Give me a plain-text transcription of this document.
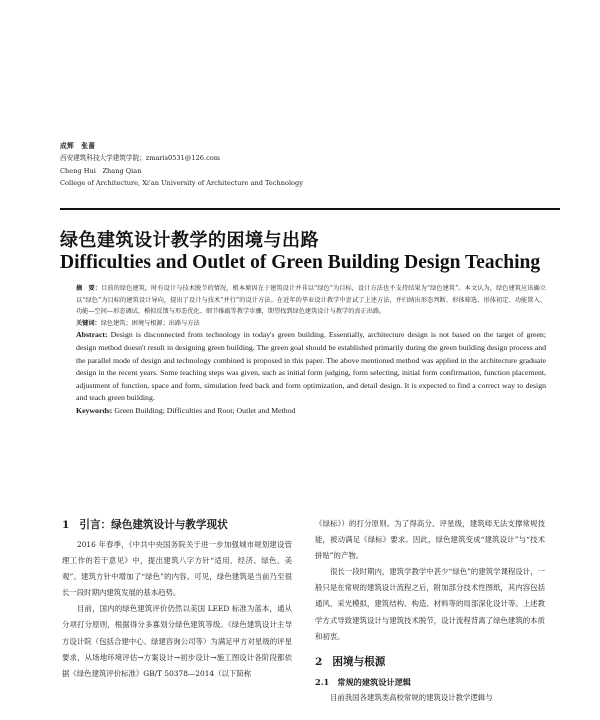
成辉　张蔷
西安建筑科技大学建筑学院；zmaris0531@126.com
Cheng Hui　Zhang Qian
College of Architecture, Xi'an University of Architecture and Technology
绿色建筑设计教学的困境与出路
Difficulties and Outlet of Green Building Design Teaching

摘　要：目前的绿色建筑，时有设计与技术脱节的情况，根本原因在于建筑设计并非以“绿色”为目标，设计方法也不支持结果为“绿色建筑”。本文认为，绿色建筑应该确立以“绿色”为目标的建筑设计导向，提出了设计与技术“并行”的设计方法。在近年的毕业设计教学中尝试了上述方法，并归纳出形态判断、形体筛选、形体初定、功能置入、功能—空间—形态调试、模拟反馈与形态优化、细节推敲等教学步骤，期望找到绿色建筑设计与教学的真正出路。

关键词：绿色建筑；困境与根源；出路与方法

Abstract: Design is disconnected from technology in today's green building. Essentially, architecture design is not based on the target of green; design method doesn't result in designing green building. The green goal should be established primarily during the green building design process and the parallel mode of design and technology combined is proposed in this paper. The above mentioned method was applied in the architecture graduate design in the recent years. Some teaching steps was given, such as initial form judging, form selecting, initial form confirmation, function placement, adjustment of function, space and form, simulation feed back and form optimization, and detail design. It is expected to find a correct way to design and teach green building.

Keywords: Green Building; Difficulties and Root; Outlet and Method

1 引言：绿色建筑设计与教学现状

2016 年春季，《中共中央国务院关于进一步加强城市规划建设管理工作的若干意见》中，提出建筑八字方针“适用、经济、绿色、美观”。建筑方针中增加了“绿色”的内容。可见，绿色建筑是当前乃至很长一段时期内建筑发展的基本趋势。

目前，国内的绿色建筑评价仍然以美国 LEED 标准为蓝本，通从分项打分原则，根据得分多寡划分绿色建筑等级。《绿色建筑设计主导方设计院（包括合建中心、绿建咨询公司等）为满足甲方对星级的评星要求，从场地环境评估→方案设计→初步设计→施工图设计各阶段都依据《绿色建筑评价标准》GB/T 50378—2014（以下简称

《绿标》）的打分原则。为了得高分、评星级，建筑师无法支撑常规技能，被动满足《绿标》要求。因此，绿色建筑变成“建筑设计”与“技术拼贴”的产物。

很长一段时期内，建筑学教学中甚少“绿色”的建筑学课程设计，一般只是在常规的建筑设计流程之后，附加部分技术性图纸，其内容包括通风、采光模拟，建筑结构、构造、材料等的局部深化设计等。上述教学方式导致建筑设计与建筑技术脱节，设计流程背离了绿色建筑的本质和初衷。

2 困境与根源
2.1 常规的建筑设计逻辑

目前我国各建筑类高校常规的建筑设计教学逻辑与
